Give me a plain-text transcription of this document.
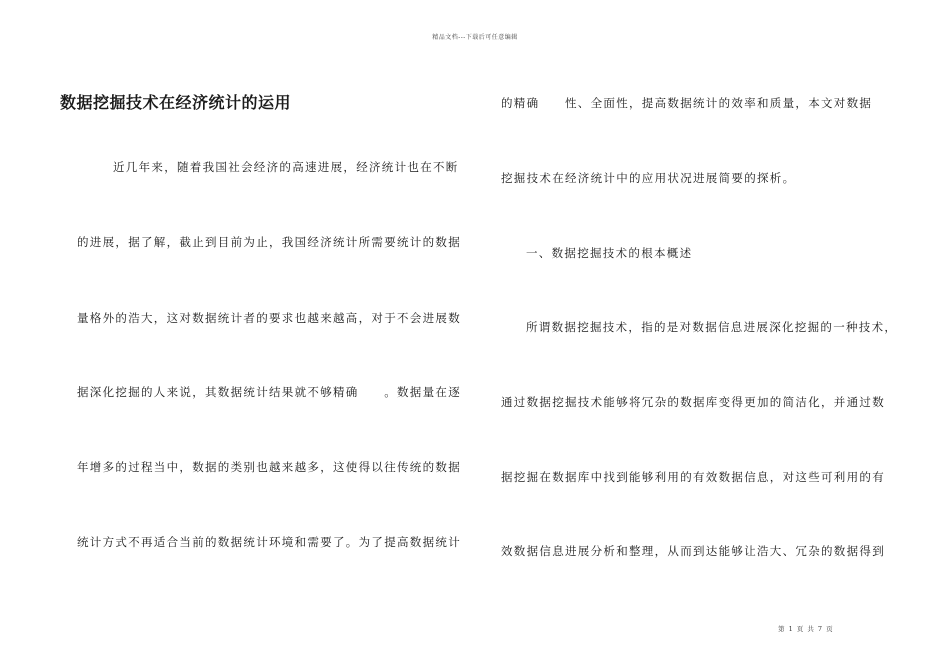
精品文档---下载后可任意编辑
数据挖掘技术在经济统计的运用
近几年来，随着我国社会经济的高速进展，经济统计也在不断
的进展，据了解，截止到目前为止，我国经济统计所需要统计的数据
量格外的浩大，这对数据统计者的要求也越来越高，对于不会进展数
据深化挖掘的人来说，其数据统计结果就不够精确　　。数据量在逐
年增多的过程当中，数据的类别也越来越多，这使得以往传统的数据
统计方式不再适合当前的数据统计环境和需要了。为了提高数据统计
的精确　　性、全面性，提高数据统计的效率和质量，本文对数据
挖掘技术在经济统计中的应用状况进展简要的探析。
一、数据挖掘技术的根本概述
所谓数据挖掘技术，指的是对数据信息进展深化挖掘的一种技术，
通过数据挖掘技术能够将冗杂的数据库变得更加的简洁化，并通过数
据挖掘在数据库中找到能够利用的有效数据信息，对这些可利用的有
效数据信息进展分析和整理，从而到达能够让浩大、冗杂的数据得到
第 1 页 共 7 页
